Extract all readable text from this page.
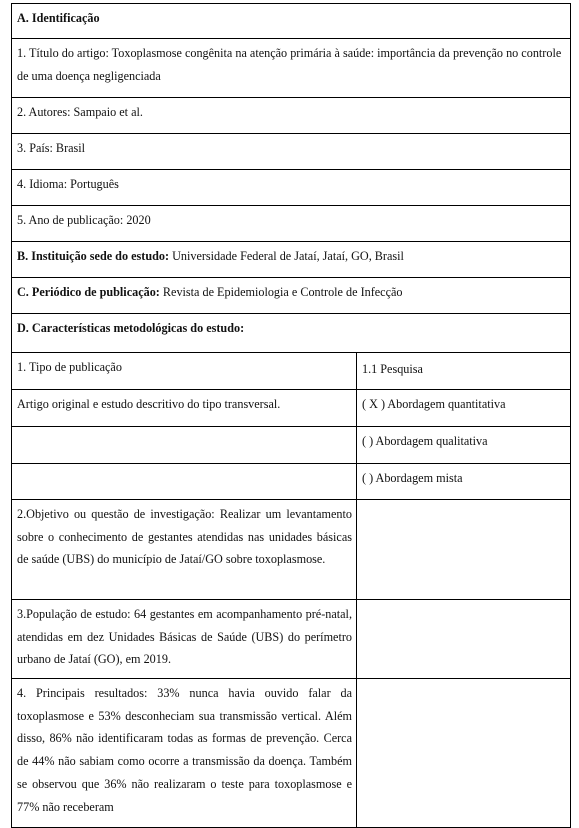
A. Identificação
1. Título do artigo: Toxoplasmose congênita na atenção primária à saúde: importância da prevenção no controle de uma doença negligenciada
2. Autores: Sampaio et al.
3. País: Brasil
4. Idioma: Português
5. Ano de publicação: 2020
B. Instituição sede do estudo: Universidade Federal de Jataí, Jataí, GO, Brasil
C. Periódico de publicação: Revista de Epidemiologia e Controle de Infecção
D. Características metodológicas do estudo:
1. Tipo de publicação	1.1 Pesquisa
Artigo original e estudo descritivo do tipo transversal.	( X ) Abordagem quantitativa
( ) Abordagem qualitativa
( ) Abordagem mista
2.Objetivo ou questão de investigação: Realizar um levantamento sobre o conhecimento de gestantes atendidas nas unidades básicas de saúde (UBS) do município de Jataí/GO sobre toxoplasmose.
3.População de estudo: 64 gestantes em acompanhamento pré-natal, atendidas em dez Unidades Básicas de Saúde (UBS) do perímetro urbano de Jataí (GO), em 2019.
4. Principais resultados: 33% nunca havia ouvido falar da toxoplasmose e 53% desconheciam sua transmissão vertical. Além disso, 86% não identificaram todas as formas de prevenção. Cerca de 44% não sabiam como ocorre a transmissão da doença. Também se observou que 36% não realizaram o teste para toxoplasmose e 77% não receberam
